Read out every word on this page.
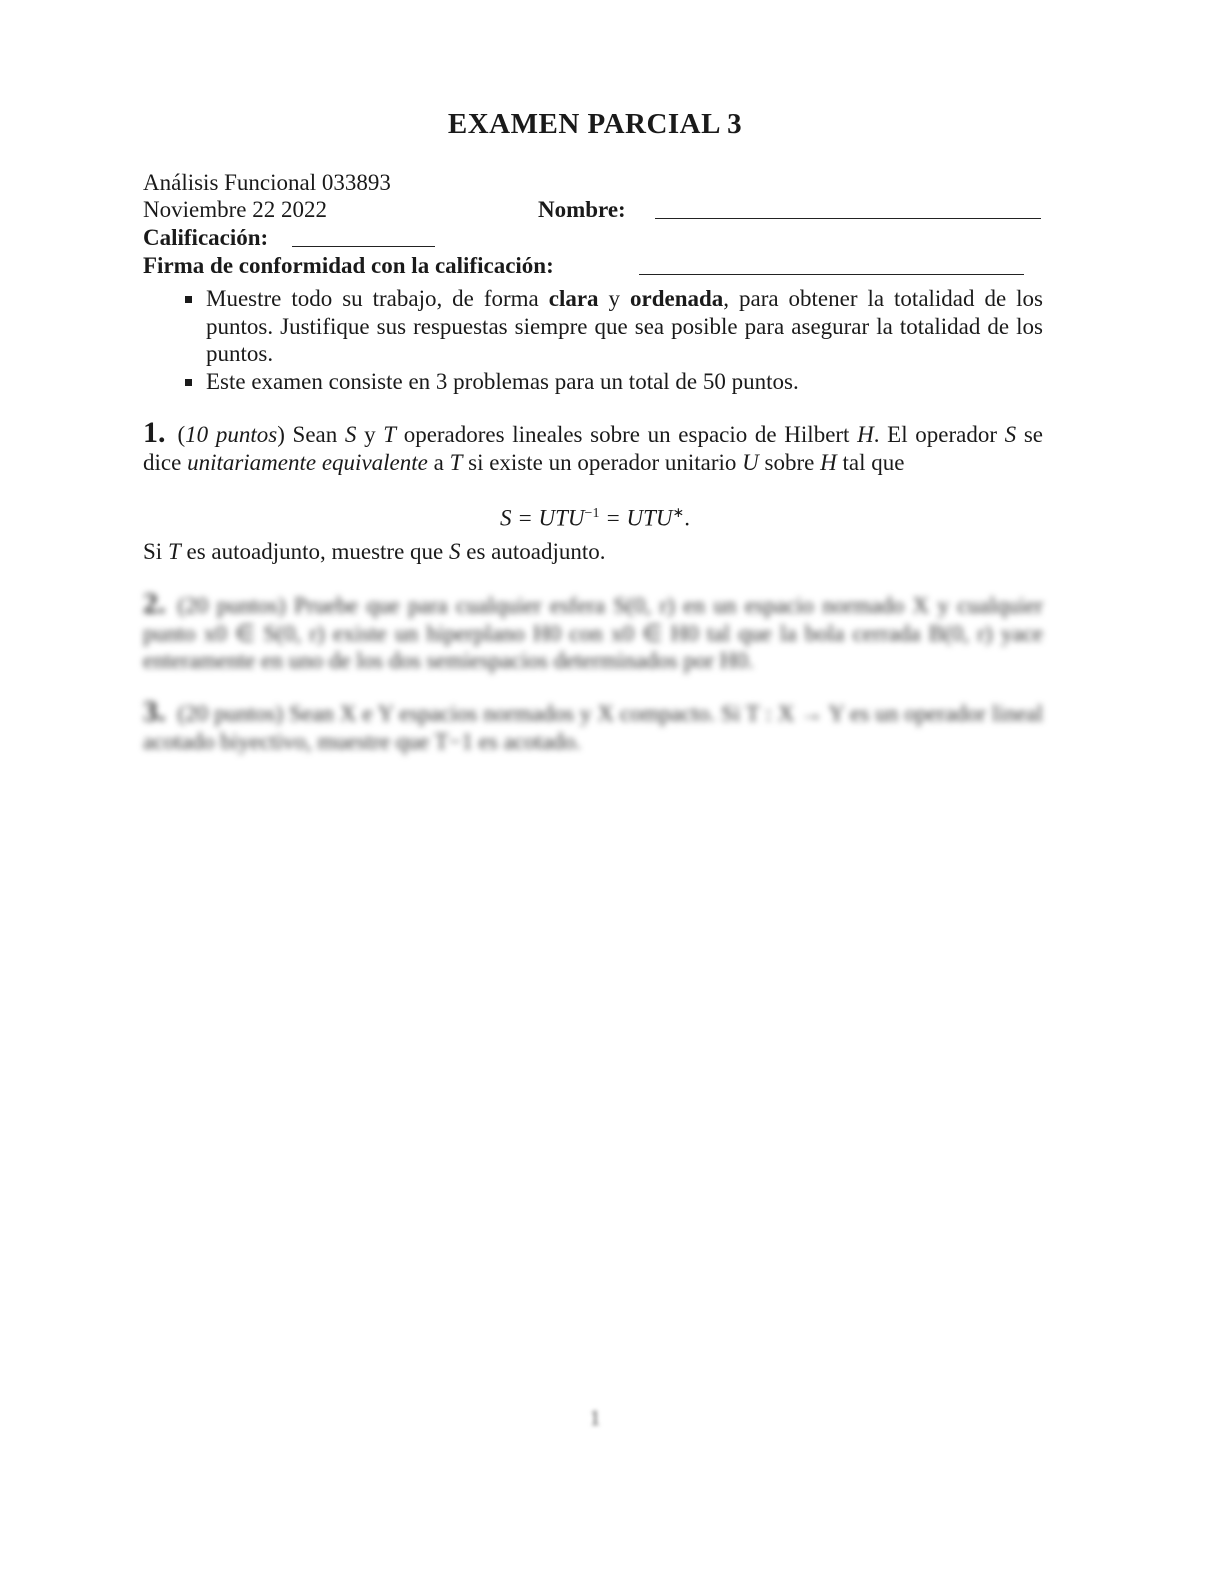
EXAMEN PARCIAL 3
Análisis Funcional 033893
Noviembre 22 2022	Nombre:
Calificación:
Firma de conformidad con la calificación:
Muestre todo su trabajo, de forma clara y ordenada, para obtener la totalidad de los puntos. Justifique sus respuestas siempre que sea posible para asegurar la totalidad de los puntos.
Este examen consiste en 3 problemas para un total de 50 puntos.
1. (10 puntos) Sean S y T operadores lineales sobre un espacio de Hilbert H. El operador S se dice unitariamente equivalente a T si existe un operador unitario U sobre H tal que
$S = UTU^{-1} = UTU^∗$.
Si T es autoadjunto, muestre que S es autoadjunto.
2. (20 puntos) Pruebe que para cualquier esfera S(0, r) en un espacio normado X y cualquier punto x0 ∈ S(0, r) existe un hiperplano H0 con x0 ∈ H0 tal que la bola cerrada B(0, r) yace enteramente en uno de los dos semiespacios determinados por H0.
3. (20 puntos) Sean X e Y espacios normados y X compacto. Si T : X → Y es un operador lineal acotado biyectivo, muestre que T−1 es acotado.
1
